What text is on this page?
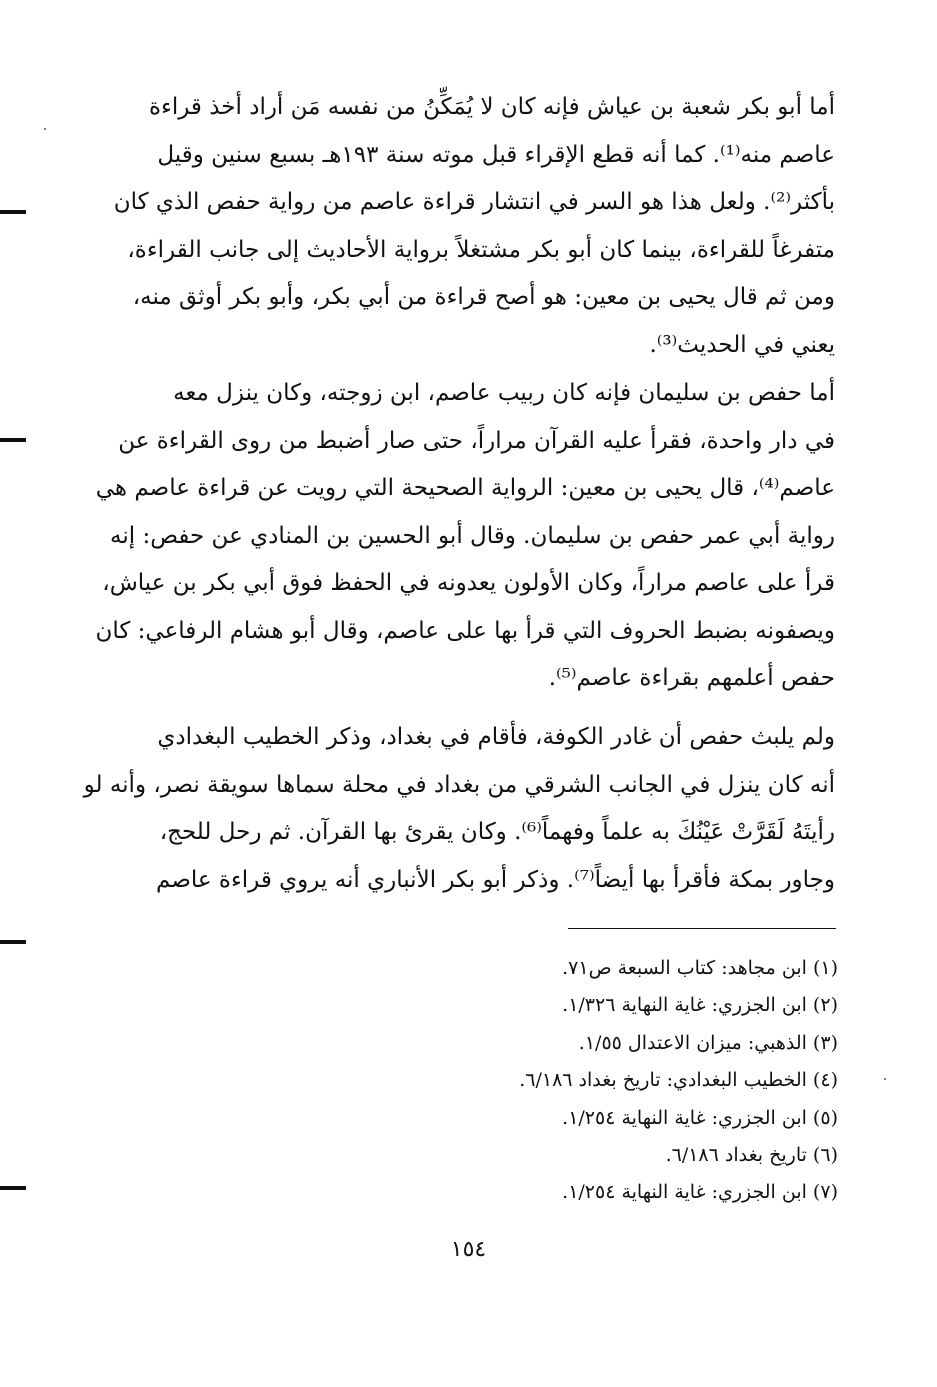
أما أبو بكر شعبة بن عياش فإنه كان لا يُمَكِّنُ من نفسه مَن أراد أخذ قراءة
عاصم منه⁽¹⁾. كما أنه قطع الإقراء قبل موته سنة ١٩٣هـ بسبع سنين وقيل
بأكثر⁽²⁾. ولعل هذا هو السر في انتشار قراءة عاصم من رواية حفص الذي كان
متفرغاً للقراءة، بينما كان أبو بكر مشتغلاً برواية الأحاديث إلى جانب القراءة،
ومن ثم قال يحيى بن معين: هو أصح قراءة من أبي بكر، وأبو بكر أوثق منه،
يعني في الحديث⁽³⁾.
أما حفص بن سليمان فإنه كان ربيب عاصم، ابن زوجته، وكان ينزل معه
في دار واحدة، فقرأ عليه القرآن مراراً، حتى صار أضبط من روى القراءة عن
عاصم⁽⁴⁾، قال يحيى بن معين: الرواية الصحيحة التي رويت عن قراءة عاصم هي
رواية أبي عمر حفص بن سليمان. وقال أبو الحسين بن المنادي عن حفص: إنه
قرأ على عاصم مراراً، وكان الأولون يعدونه في الحفظ فوق أبي بكر بن عياش،
ويصفونه بضبط الحروف التي قرأ بها على عاصم، وقال أبو هشام الرفاعي: كان
حفص أعلمهم بقراءة عاصم⁽⁵⁾.
ولم يلبث حفص أن غادر الكوفة، فأقام في بغداد، وذكر الخطيب البغدادي
أنه كان ينزل في الجانب الشرقي من بغداد في محلة سماها سويقة نصر، وأنه لو
رأيتَهُ لَقَرَّتْ عَيْنُكَ به علماً وفهماً⁽⁶⁾. وكان يقرئ بها القرآن. ثم رحل للحج،
وجاور بمكة فأقرأ بها أيضاً⁽⁷⁾. وذكر أبو بكر الأنباري أنه يروي قراءة عاصم
(١) ابن مجاهد: كتاب السبعة ص٧١.
(٢) ابن الجزري: غاية النهاية ١/٣٢٦.
(٣) الذهبي: ميزان الاعتدال ١/٥٥.
(٤) الخطيب البغدادي: تاريخ بغداد ٦/١٨٦.
(٥) ابن الجزري: غاية النهاية ١/٢٥٤.
(٦) تاريخ بغداد ٦/١٨٦.
(٧) ابن الجزري: غاية النهاية ١/٢٥٤.
١٥٤
